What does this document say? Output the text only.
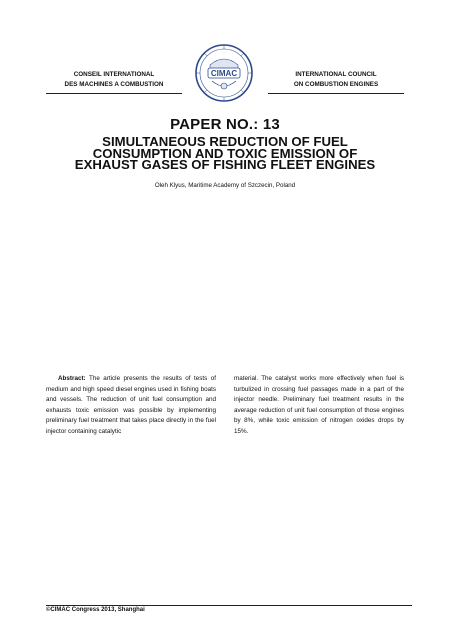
CONSEIL INTERNATIONAL
DES MACHINES A COMBUSTION
CIMAC	INTERNATIONAL COUNCIL
ON COMBUSTION ENGINES
PAPER NO.: 13
SIMULTANEOUS REDUCTION OF FUEL
CONSUMPTION AND TOXIC EMISSION OF
EXHAUST GASES OF FISHING FLEET ENGINES
Oleh Klyus, Maritime Academy of Szczecin, Poland
Abstract: The article presents the results of tests of medium and high speed diesel engines used in fishing boats and vessels. The reduction of unit fuel consumption and exhausts toxic emission was possible by implementing preliminary fuel treatment that takes place directly in the fuel injector containing catalytic
material. The catalyst works more effectively when fuel is turbulized in crossing fuel passages made in a part of the injector needle. Preliminary fuel treatment results in the average reduction of unit fuel consumption of those engines by 8%, while toxic emission of nitrogen oxides drops by 15%.
©CIMAC Congress 2013, Shanghai
